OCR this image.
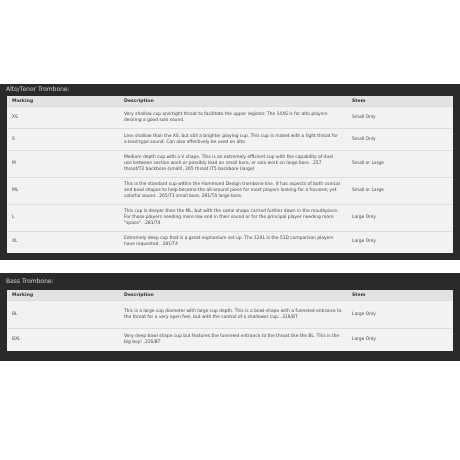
Alto/Tenor Trombone:
Marking	Description	Stem
XS	Very shallow cup and tight throat to facilitate the upper register. The 14XS is for alto players desiring a good solo sound.	Small Only
S	Less shallow than the XS, but still a brighter playing cup. This cup is mated with a tight throat for a lead-type sound. Can also effectively be used on alto	Small Only
M	Medium depth cup with a V shape. This is an extremely efficient cup with the capability of duel use between section work or possibly lead on small bore, or solo work on large bore. .257 throat/T2 backbore (small), 265 throat /T5 backbore (large)	Small or Large
ML	This is the standard cup within the Hammond Design trombone line. It has aspects of both conical and bowl shapes to help become the all-around piece for most players looking for a focused, yet colorful sound. .265/T3 small bore, 281/T4 large bore.	Small or Large
L	This cup is deeper than the ML, but with the same shape carried further down in the mouthpiece. For those players needing more low end in their sound or for the principal player needing more "space". .281/T4	Large Only
XL	Extremely deep cup that is a great euphonium set up. The 12XL is the 51D comparison players have requested. .281/T4	Large Only
Bass Trombone:
Marking	Description	Stem
BL	This is a large cup diameter with large cup depth. This is a bowl-shape with a funneled entrance to the throat for a very open feel, but with the control of a shallower cup. .316/BT	Large Only
BXL	Very deep bowl shape cup but features the funneled entrance to the throat like the BL. This is the big boy! .316/BT	Large Only
